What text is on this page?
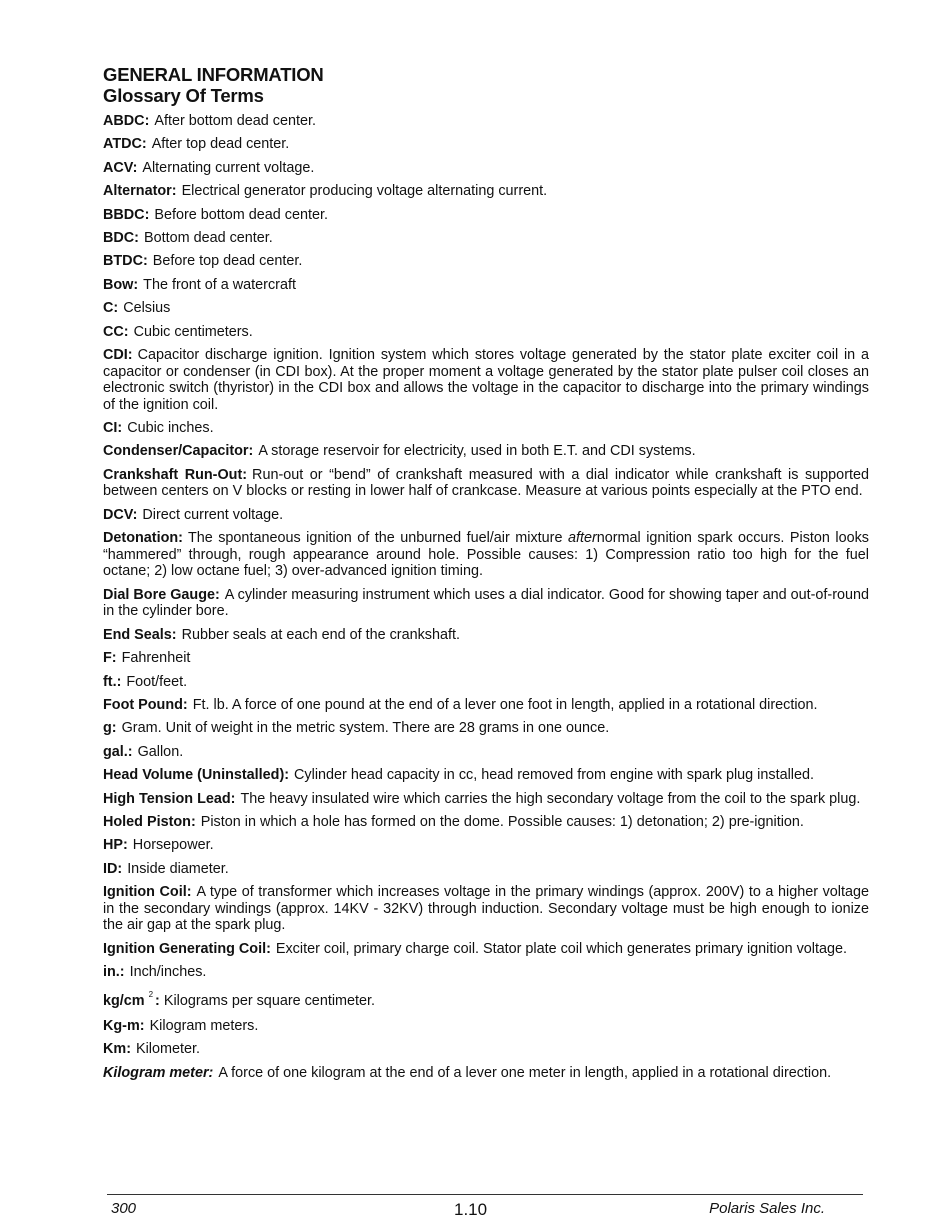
GENERAL INFORMATION
Glossary Of Terms
ABDC: After bottom dead center.
ATDC: After top dead center.
ACV: Alternating current voltage.
Alternator: Electrical generator producing voltage alternating current.
BBDC: Before bottom dead center.
BDC: Bottom dead center.
BTDC: Before top dead center.
Bow: The front of a watercraft
C: Celsius
CC: Cubic centimeters.
CDI: Capacitor discharge ignition. Ignition system which stores voltage generated by the stator plate exciter coil in a capacitor or condenser (in CDI box). At the proper moment a voltage generated by the stator plate pulser coil closes an electronic switch (thyristor) in the CDI box and allows the voltage in the capacitor to discharge into the primary windings of the ignition coil.
CI: Cubic inches.
Condenser/Capacitor: A storage reservoir for electricity, used in both E.T. and CDI systems.
Crankshaft Run-Out: Run-out or “bend” of crankshaft measured with a dial indicator while crankshaft is supported between centers on V blocks or resting in lower half of crankcase. Measure at various points especially at the PTO end.
DCV: Direct current voltage.
Detonation: The spontaneous ignition of the unburned fuel/air mixture afternormal ignition spark occurs. Piston looks “hammered” through, rough appearance around hole. Possible causes: 1) Compression ratio too high for the fuel octane; 2) low octane fuel; 3) over-advanced ignition timing.
Dial Bore Gauge: A cylinder measuring instrument which uses a dial indicator. Good for showing taper and out-of-round in the cylinder bore.
End Seals: Rubber seals at each end of the crankshaft.
F: Fahrenheit
ft.: Foot/feet.
Foot Pound: Ft. lb. A force of one pound at the end of a lever one foot in length, applied in a rotational direction.
g: Gram. Unit of weight in the metric system. There are 28 grams in one ounce.
gal.: Gallon.
Head Volume (Uninstalled): Cylinder head capacity in cc, head removed from engine with spark plug installed.
High Tension Lead: The heavy insulated wire which carries the high secondary voltage from the coil to the spark plug.
Holed Piston: Piston in which a hole has formed on the dome. Possible causes: 1) detonation; 2) pre-ignition.
HP: Horsepower.
ID: Inside diameter.
Ignition Coil: A type of transformer which increases voltage in the primary windings (approx. 200V) to a higher voltage in the secondary windings (approx. 14KV - 32KV) through induction. Secondary voltage must be high enough to ionize the air gap at the spark plug.
Ignition Generating Coil: Exciter coil, primary charge coil. Stator plate coil which generates primary ignition voltage.
in.: Inch/inches.
kg/cm $^2$ : Kilograms per square centimeter.
Kg-m: Kilogram meters.
Km: Kilometer.
Kilogram meter: A force of one kilogram at the end of a lever one meter in length, applied in a rotational direction.
300	1.10	Polaris Sales Inc.
